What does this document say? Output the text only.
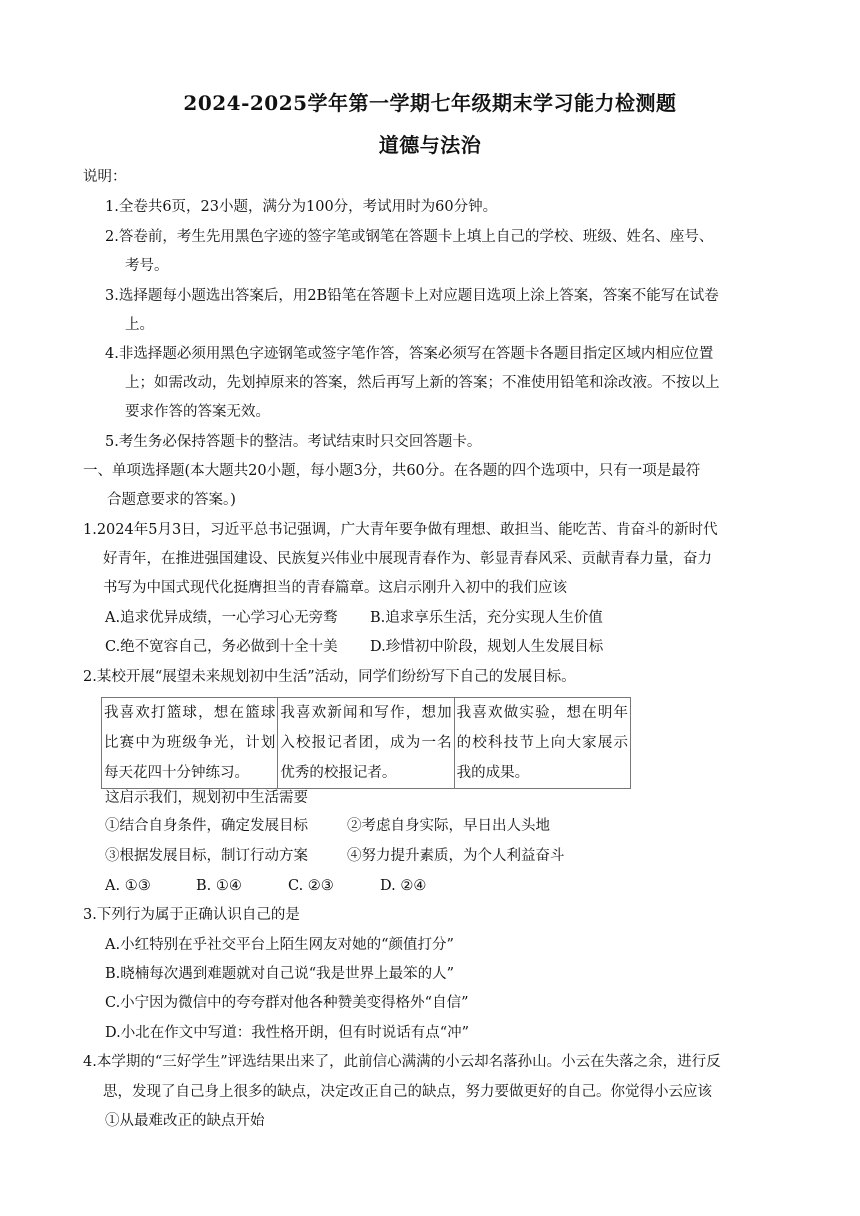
2024-2025学年第一学期七年级期末学习能力检测题
道德与法治
说明：
1.全卷共6页，23小题，满分为100分，考试用时为60分钟。
2.答卷前，考生先用黑色字迹的签字笔或钢笔在答题卡上填上自己的学校、班级、姓名、座号、
考号。
3.选择题每小题选出答案后，用2B铅笔在答题卡上对应题目选项上涂上答案，答案不能写在试卷
上。
4.非选择题必须用黑色字迹钢笔或签字笔作答，答案必须写在答题卡各题目指定区域内相应位置
上；如需改动，先划掉原来的答案，然后再写上新的答案；不准使用铅笔和涂改液。不按以上
要求作答的答案无效。
5.考生务必保持答题卡的整洁。考试结束时只交回答题卡。
一、单项选择题(本大题共20小题，每小题3分，共60分。在各题的四个选项中，只有一项是最符
合题意要求的答案。)
1.2024年5月3日，习近平总书记强调，广大青年要争做有理想、敢担当、能吃苦、肯奋斗的新时代
好青年，在推进强国建设、民族复兴伟业中展现青春作为、彰显青春风采、贡献青春力量，奋力
书写为中国式现代化挺膺担当的青春篇章。这启示刚升入初中的我们应该
A.追求优异成绩，一心学习心无旁骛 B.追求享乐生活，充分实现人生价值
C.绝不宽容自己，务必做到十全十美 D.珍惜初中阶段，规划人生发展目标
2.某校开展“展望未来规划初中生活”活动，同学们纷纷写下自己的发展目标。
我喜欢打篮球，想在篮球比赛中为班级争光，计划每天花四十分钟练习。	我喜欢新闻和写作，想加入校报记者团，成为一名优秀的校报记者。	我喜欢做实验，想在明年的校科技节上向大家展示我的成果。
这启示我们，规划初中生活需要
①结合自身条件，确定发展目标	②考虑自身实际，早日出人头地
③根据发展目标，制订行动方案	④努力提升素质，为个人利益奋斗
A. ①③	B. ①④	C. ②③	D. ②④
3.下列行为属于正确认识自己的是
A.小红特别在乎社交平台上陌生网友对她的“颜值打分”
B.晓楠每次遇到难题就对自己说“我是世界上最笨的人”
C.小宁因为微信中的夸夸群对他各种赞美变得格外“自信”
D.小北在作文中写道：我性格开朗，但有时说话有点“冲”
4.本学期的“三好学生”评选结果出来了，此前信心满满的小云却名落孙山。小云在失落之余，进行反
思，发现了自己身上很多的缺点，决定改正自己的缺点，努力要做更好的自己。你觉得小云应该
①从最难改正的缺点开始
